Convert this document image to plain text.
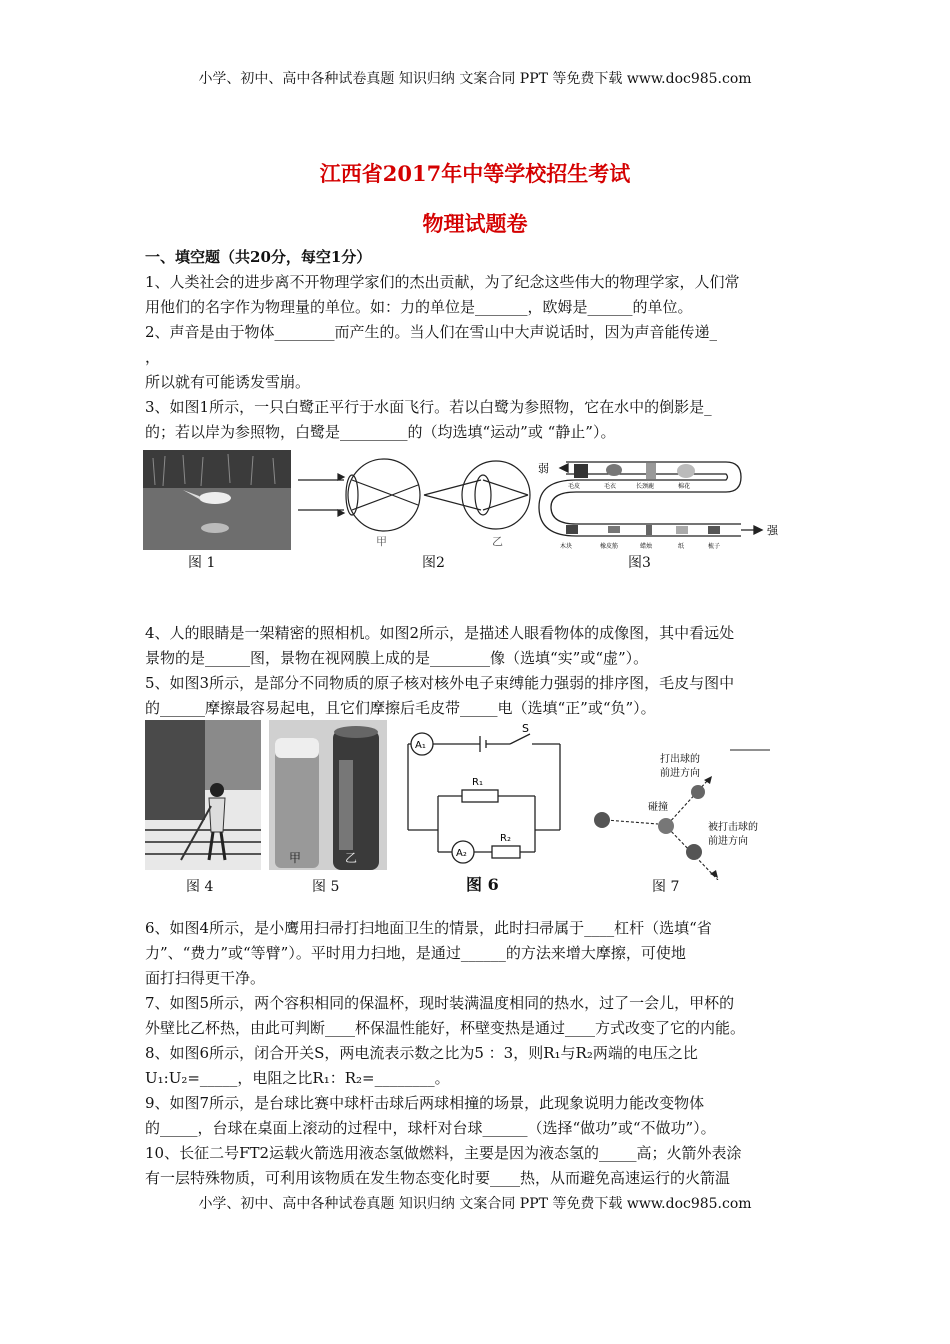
小学、初中、高中各种试卷真题 知识归纳 文案合同 PPT 等免费下载 www.doc985.com
江西省2017年中等学校招生考试
物理试题卷
一、填空题（共20分，每空1分）
1、人类社会的进步离不开物理学家们的杰出贡献，为了纪念这些伟大的物理学家，人们常
用他们的名字作为物理量的单位。如：力的单位是_______，欧姆是______的单位。
2、声音是由于物体________而产生的。当人们在雪山中大声说话时，因为声音能传递_
，
所以就有可能诱发雪崩。
3、如图1所示，一只白鹭正平行于水面飞行。若以白鹭为参照物，它在水中的倒影是_
的；若以岸为参照物，白鹭是_________的（均选填“运动”或 “静止”）。
图 1
甲	乙
图2
弱
强
毛皮	毛衣	长颈鹿	棉花
木块	橡皮筋	蜡烛	纸	梳子
图3
4、人的眼睛是一架精密的照相机。如图2所示，是描述人眼看物体的成像图，其中看远处
景物的是______图，景物在视网膜上成的是________像（选填“实”或“虚”）。
5、如图3所示，是部分不同物质的原子核对核外电子束缚能力强弱的排序图，毛皮与图中
的______摩擦最容易起电，且它们摩擦后毛皮带_____电（选填“正”或“负”）。
图 4
甲	乙
图 5
A₁
S
R₁
A₂
R₂
图 6
打出球的
前进方向
碰撞
被打击球的
前进方向
图 7
6、如图4所示，是小鹰用扫帚打扫地面卫生的情景，此时扫帚属于____杠杆（选填“省
力”、“费力”或“等臂”）。平时用力扫地，是通过______的方法来增大摩擦，可使地
面打扫得更干净。
7、如图5所示，两个容积相同的保温杯，现时装满温度相同的热水，过了一会儿，甲杯的
外壁比乙杯热，由此可判断____杯保温性能好，杯壁变热是通过____方式改变了它的内能。
8、如图6所示，闭合开关S，两电流表示数之比为5 ：3，则R₁与R₂两端的电压之比
U₁:U₂=_____，电阻之比R₁：R₂=________。
9、如图7所示，是台球比赛中球杆击球后两球相撞的场景，此现象说明力能改变物体
的_____，台球在桌面上滚动的过程中，球杆对台球______（选择“做功”或“不做功”）。
10、长征二号FT2运载火箭选用液态氢做燃料，主要是因为液态氢的_____高；火箭外表涂
有一层特殊物质，可利用该物质在发生物态变化时要____热，从而避免高速运行的火箭温
小学、初中、高中各种试卷真题 知识归纳 文案合同 PPT 等免费下载 www.doc985.com
